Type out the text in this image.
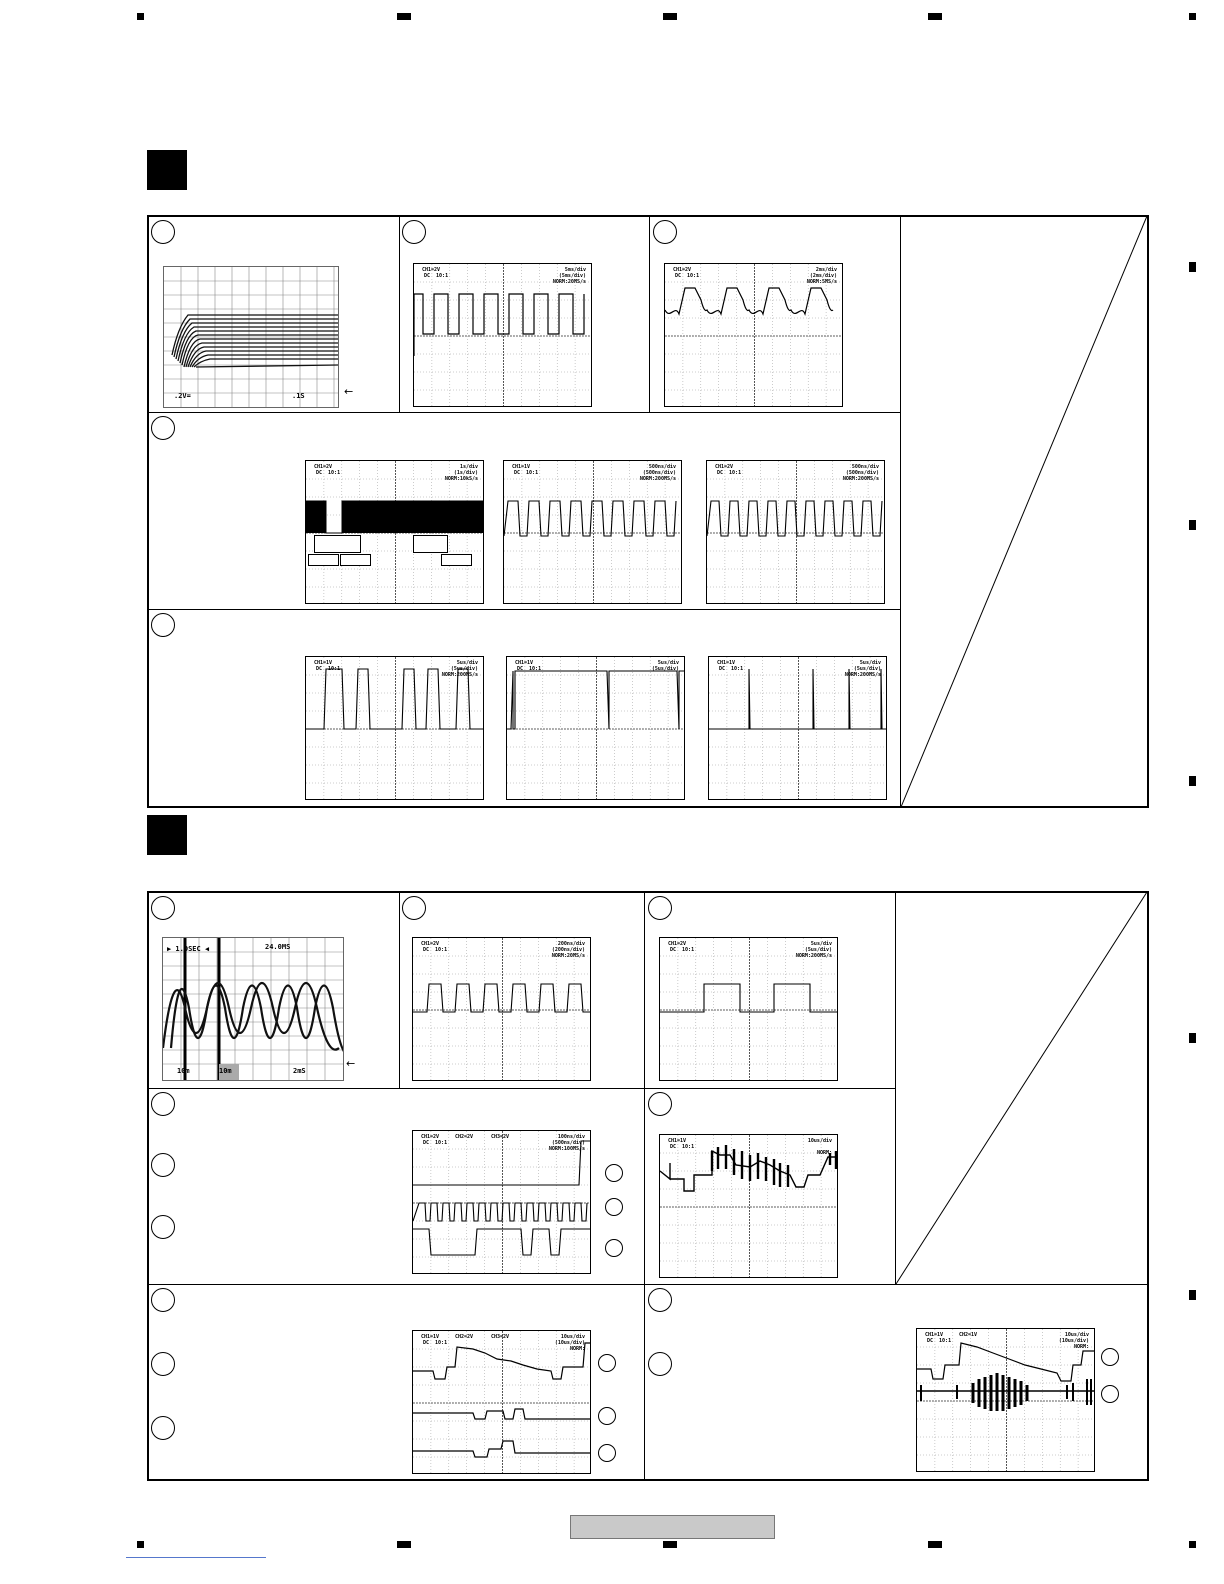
.2V=	.1S	←
CH1=2V
DC  10:1
5ms/div
(5ms/div)
NORM:20MS/s
CH1=2V
DC  10:1
2ms/div
(2ms/div)
NORM:5MS/s
CH1=2V
DC  10:1
1s/div
(1s/div)
NORM:10kS/s
CH1=1V
DC  10:1
500ns/div
(500ns/div)
NORM:200MS/s
CH1=2V
DC  10:1
500ns/div
(500ns/div)
NORM:200MS/s
CH1=1V
DC  10:1
5us/div
(5us/div)
NORM:200MS/s
CH1=1V
DC  10:1
5us/div
(5us/div)
CH1=1V
DC  10:1
5us/div
(5us/div)
NORM:200MS/s
▶ 1.0SEC ◀	24.0MS
10m	10m	2mS
←
CH1=2V
DC  10:1
200ns/div
(200ns/div)
NORM:20MS/s
CH1=2V
DC  10:1
5us/div
(5us/div)
NORM:200MS/s
CH1=2V
DC  10:1
CH2=2V	CH3=2V	100ns/div
(500ns/div)
NORM:100MS/s
CH1=1V
DC  10:1
10us/div
NORM:
CH1=1V
DC  10:1
CH2=2V	CH3=2V	10us/div
(10us/div)
NORM:
CH1=1V
DC  10:1
CH2=1V	10us/div
(10us/div)
NORM:
